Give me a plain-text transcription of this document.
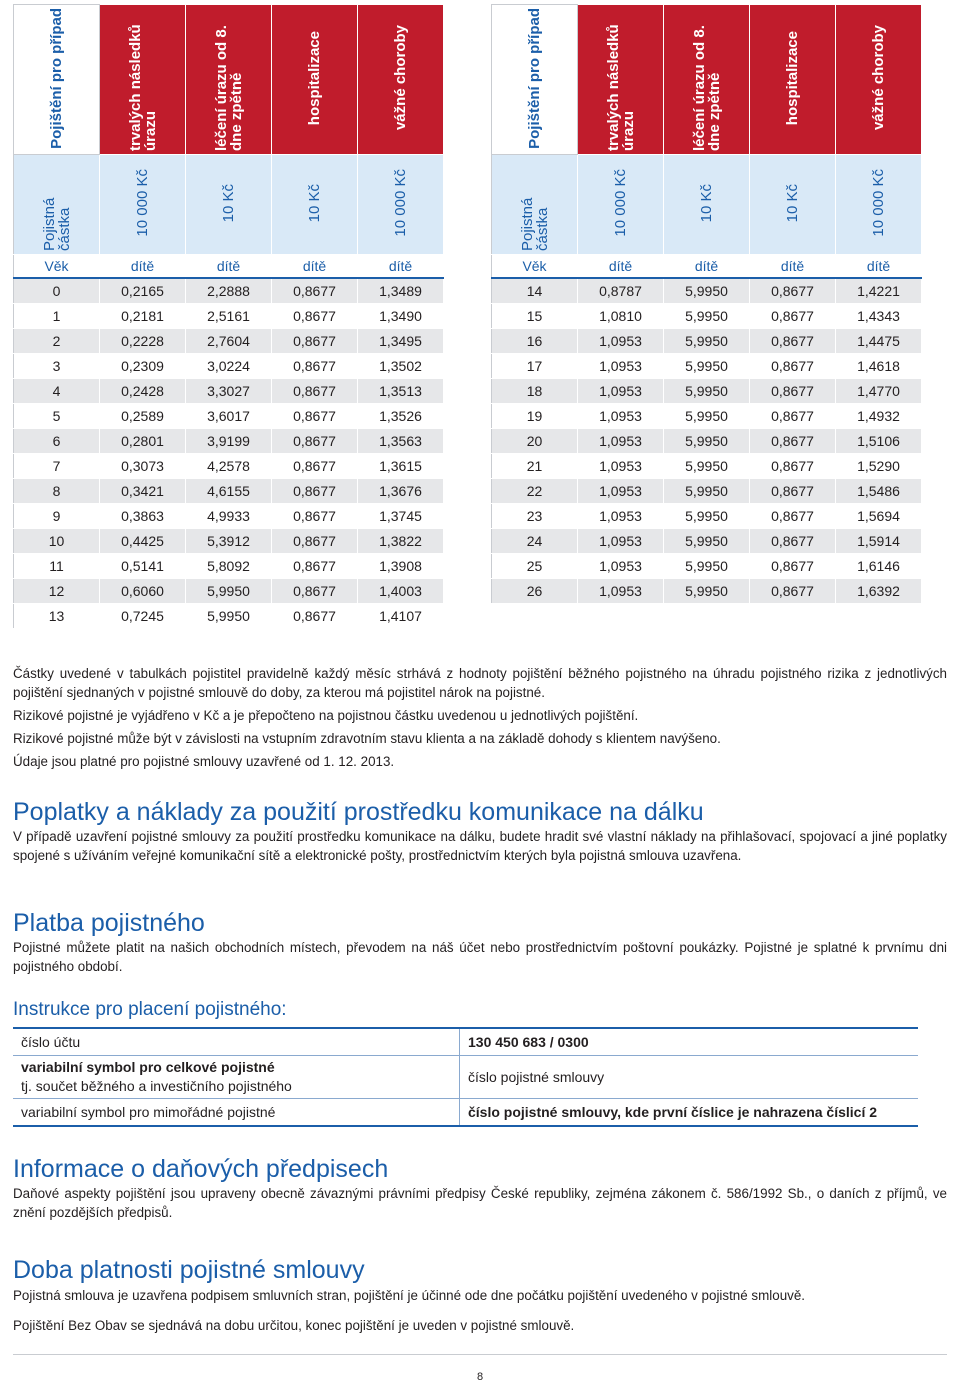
Pojištění pro případ	trvalých následků úrazu	léčení úrazu od 8. dne zpětně	hospitalizace	vážné choroby
Pojistná částka	10 000 Kč	10 Kč	10 Kč	10 000 Kč
Věk	dítě	dítě	dítě	dítě
0	0,2165	2,2888	0,8677	1,3489
1	0,2181	2,5161	0,8677	1,3490
2	0,2228	2,7604	0,8677	1,3495
3	0,2309	3,0224	0,8677	1,3502
4	0,2428	3,3027	0,8677	1,3513
5	0,2589	3,6017	0,8677	1,3526
6	0,2801	3,9199	0,8677	1,3563
7	0,3073	4,2578	0,8677	1,3615
8	0,3421	4,6155	0,8677	1,3676
9	0,3863	4,9933	0,8677	1,3745
10	0,4425	5,3912	0,8677	1,3822
11	0,5141	5,8092	0,8677	1,3908
12	0,6060	5,9950	0,8677	1,4003
13	0,7245	5,9950	0,8677	1,4107
Pojištění pro případ	trvalých následků úrazu	léčení úrazu od 8. dne zpětně	hospitalizace	vážné choroby
Pojistná částka	10 000 Kč	10 Kč	10 Kč	10 000 Kč
Věk	dítě	dítě	dítě	dítě
14	0,8787	5,9950	0,8677	1,4221
15	1,0810	5,9950	0,8677	1,4343
16	1,0953	5,9950	0,8677	1,4475
17	1,0953	5,9950	0,8677	1,4618
18	1,0953	5,9950	0,8677	1,4770
19	1,0953	5,9950	0,8677	1,4932
20	1,0953	5,9950	0,8677	1,5106
21	1,0953	5,9950	0,8677	1,5290
22	1,0953	5,9950	0,8677	1,5486
23	1,0953	5,9950	0,8677	1,5694
24	1,0953	5,9950	0,8677	1,5914
25	1,0953	5,9950	0,8677	1,6146
26	1,0953	5,9950	0,8677	1,6392

Částky uvedené v tabulkách pojistitel pravidelně každý měsíc strhává z hodnoty pojištění běžného pojistného na úhradu pojistného rizika z jednotlivých pojištění sjednaných v pojistné smlouvě do doby, za kterou má pojistitel nárok na pojistné.

Rizikové pojistné je vyjádřeno v Kč a je přepočteno na pojistnou částku uvedenou u jednotlivých pojištění.

Rizikové pojistné může být v závislosti na vstupním zdravotním stavu klienta a na základě dohody s klientem navýšeno.

Údaje jsou platné pro pojistné smlouvy uzavřené od 1. 12. 2013.

Poplatky a náklady za použití prostředku komunikace na dálku

V případě uzavření pojistné smlouvy za použití prostředku komunikace na dálku, budete hradit své vlastní náklady na přihlašovací, spojovací a jiné poplatky spojené s užíváním veřejné komunikační sítě a elektronické pošty, prostřednictvím kterých byla pojistná smlouva uzavřena.

Platba pojistného

Pojistné můžete platit na našich obchodních místech, převodem na náš účet nebo prostřednictvím poštovní poukázky. Pojistné je splatné k prvnímu dni pojistného období.

Instrukce pro placení pojistného:
číslo účtu	130 450 683 / 0300
variabilní symbol pro celkové pojistné
tj. součet běžného a investičního pojistného	číslo pojistné smlouvy
variabilní symbol pro mimořádné pojistné	číslo pojistné smlouvy, kde první číslice je nahrazena číslicí 2
Informace o daňových předpisech

Daňové aspekty pojištění jsou upraveny obecně závaznými právními předpisy České republiky, zejména zákonem č. 586/1992 Sb., o daních z příjmů, ve znění pozdějších předpisů.

Doba platnosti pojistné smlouvy

Pojistná smlouva je uzavřena podpisem smluvních stran, pojištění je účinné ode dne počátku pojištění uvedeného v pojistné smlouvě.

Pojištění Bez Obav se sjednává na dobu určitou, konec pojištění je uveden v pojistné smlouvě.

8
